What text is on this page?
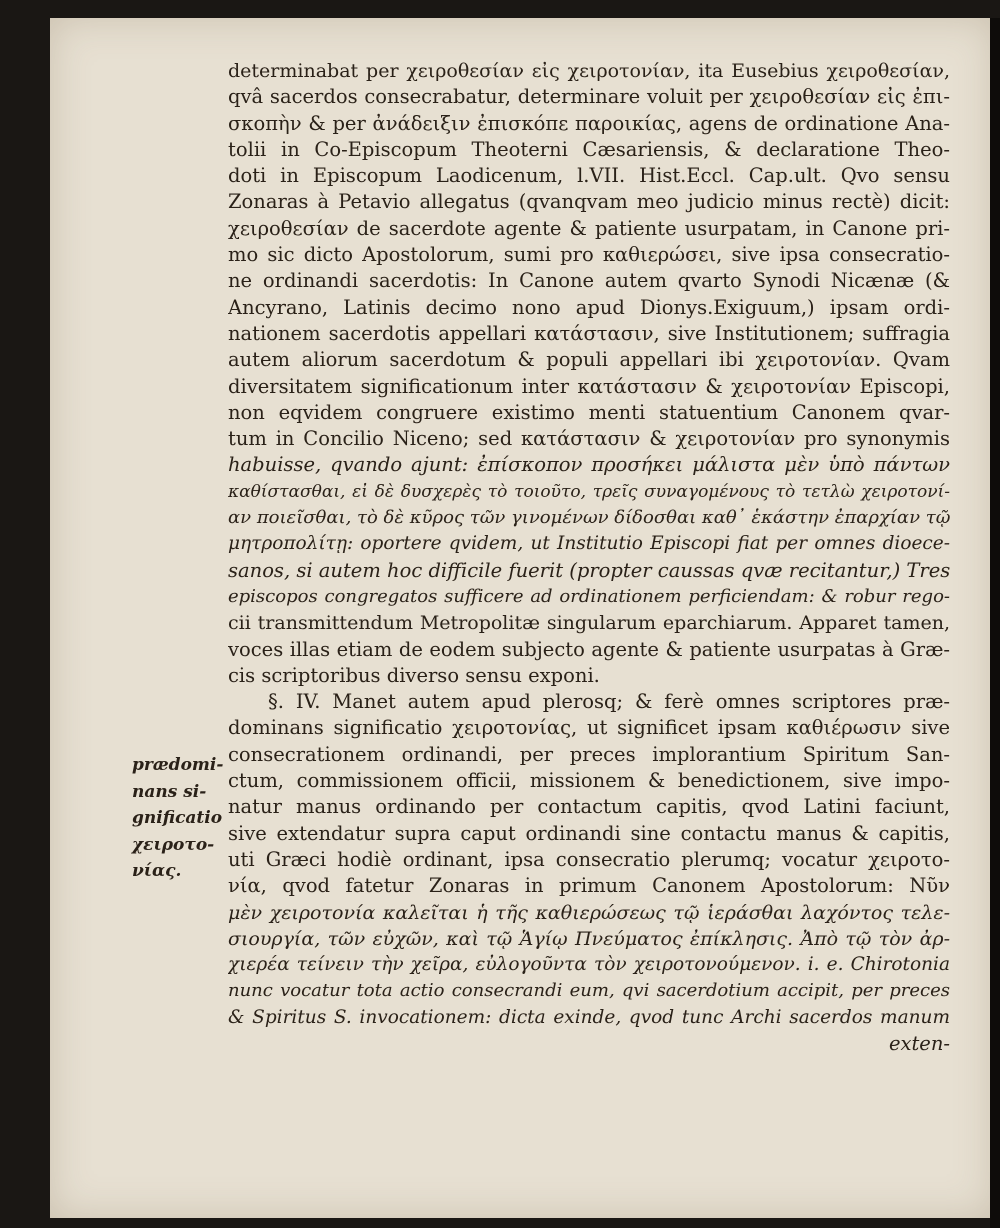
determinabat per χειροθεσίαν εἰς χειροτονίαν, ita Eusebius χειροθεσίαν,
qvâ sacerdos consecrabatur, determinare voluit per χειροθεσίαν εἰς ἐπι-
σκοπὴν & per ἀνάδειξιν ἐπισκόπε παροικίας, agens de ordinatione Ana-
tolii in Co-Episcopum Theoterni Cæsariensis, & declaratione Theo-
doti in Episcopum Laodicenum, l.VII. Hist.Eccl. Cap.ult. Qvo sensu
Zonaras à Petavio allegatus (qvanqvam meo judicio minus rectè) dicit:
χειροθεσίαν de sacerdote agente & patiente usurpatam, in Canone pri-
mo sic dicto Apostolorum, sumi pro καθιερώσει, sive ipsa consecratio-
ne ordinandi sacerdotis: In Canone autem qvarto Synodi Nicænæ (&
Ancyrano, Latinis decimo nono apud Dionys.Exiguum,) ipsam ordi-
nationem sacerdotis appellari κατάστασιν, sive Institutionem; suffragia
autem aliorum sacerdotum & populi appellari ibi χειροτονίαν. Qvam
diversitatem significationum inter κατάστασιν & χειροτονίαν Episcopi,
non eqvidem congruere existimo menti statuentium Canonem qvar-
tum in Concilio Niceno; sed κατάστασιν & χειροτονίαν pro synonymis
habuisse, qvando ajunt: ἐπίσκοπον προσήκει μάλιστα μὲν ὑπὸ πάντων
καθίστασθαι, εἰ δὲ δυσχερὲς τὸ τοιοῦτο, τρεῖς συναγομένους τὸ τετλὼ χειροτονί-
αν ποιεῖσθαι, τὸ δὲ κῦρος τῶν γινομένων δίδοσθαι καθ᾽ ἑκάστην ἐπαρχίαν τῷ
μητροπολίτῃ: oportere qvidem, ut Institutio Episcopi fiat per omnes dioece-
sanos, si autem hoc difficile fuerit (propter caussas qvæ recitantur,) Tres
episcopos congregatos sufficere ad ordinationem perficiendam: & robur rego-
cii transmittendum Metropolitæ singularum eparchiarum. Apparet tamen,
voces illas etiam de eodem subjecto agente & patiente usurpatas à Græ-
cis scriptoribus diverso sensu exponi.
§. IV. Manet autem apud plerosq; & ferè omnes scriptores præ-
dominans significatio χειροτονίας, ut significet ipsam καθιέρωσιν sive
consecrationem ordinandi, per preces implorantium Spiritum San-
ctum, commissionem officii, missionem & benedictionem, sive impo-
natur manus ordinando per contactum capitis, qvod Latini faciunt,
sive extendatur supra caput ordinandi sine contactu manus & capitis,
uti Græci hodiè ordinant, ipsa consecratio plerumq; vocatur χειροτο-
νία, qvod fatetur Zonaras in primum Canonem Apostolorum: Νῦν
μὲν χειροτονία καλεῖται ἡ τῆς καθιερώσεως τῷ ἱεράσθαι λαχόντος τελε-
σιουργία, τῶν εὐχῶν, καὶ τῷ Ἁγίῳ Πνεύματος ἐπίκλησις. Ἀπὸ τῷ τὸν ἀρ-
χιερέα τείνειν τὴν χεῖρα, εὐλογοῦντα τὸν χειροτονούμενον. i. e. Chirotonia
nunc vocatur tota actio consecrandi eum, qvi sacerdotium accipit, per preces
& Spiritus S. invocationem: dicta exinde, qvod tunc Archi sacerdos manum
exten-
prædomi-
nans si-
gnificatio
χειροτο-
νίας.
